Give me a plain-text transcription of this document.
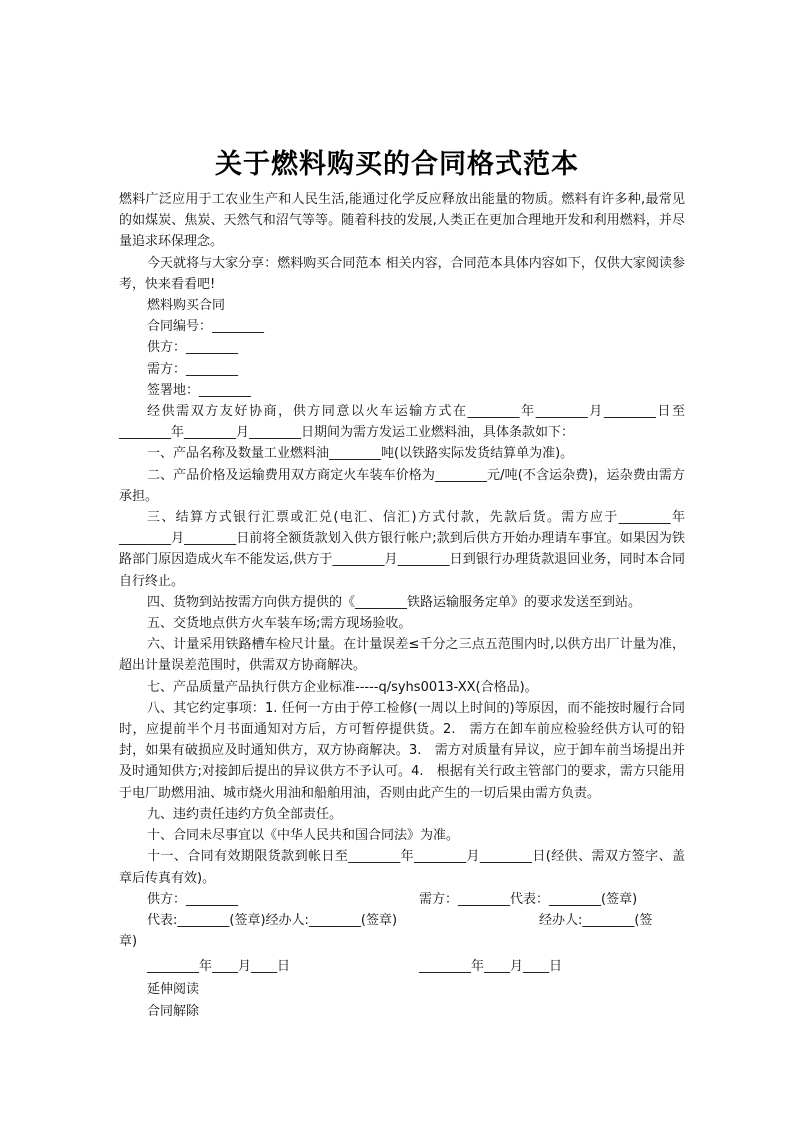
关于燃料购买的合同格式范本

燃料广泛应用于工农业生产和人民生活,能通过化学反应释放出能量的物质。燃料有许多种,最常见的如煤炭、焦炭、天然气和沼气等等。随着科技的发展,人类正在更加合理地开发和利用燃料，并尽量追求环保理念。

今天就将与大家分享：燃料购买合同范本 相关内容，合同范本具体内容如下，仅供大家阅读参考，快来看看吧!

燃料购买合同

合同编号：________

供方：________

需方：________

签署地：________

经供需双方友好协商，供方同意以火车运输方式在________年________月________日至________年________月________日期间为需方发运工业燃料油，具体条款如下：

一、产品名称及数量工业燃料油________吨(以铁路实际发货结算单为准)。

二、产品价格及运输费用双方商定火车装车价格为________元/吨(不含运杂费)，运杂费由需方承担。

三、结算方式银行汇票或汇兑(电汇、信汇)方式付款，先款后货。需方应于________年________月________日前将全额货款划入供方银行帐户;款到后供方开始办理请车事宜。如果因为铁路部门原因造成火车不能发运,供方于________月________日到银行办理货款退回业务，同时本合同自行终止。

四、货物到站按需方向供方提供的《________铁路运输服务定单》的要求发送至到站。

五、交货地点供方火车装车场;需方现场验收。

六、计量采用铁路槽车检尺计量。在计量误差≤千分之三点五范围内时,以供方出厂计量为准，超出计量误差范围时，供需双方协商解决。

七、产品质量产品执行供方企业标准-----q/syhs0013-XX(合格品)。

八、其它约定事项：1. 任何一方由于停工检修(一周以上时间的)等原因，而不能按时履行合同时，应提前半个月书面通知对方后，方可暂停提供货。2.　需方在卸车前应检验经供方认可的铅封，如果有破损应及时通知供方，双方协商解决。3.　需方对质量有异议，应于卸车前当场提出并及时通知供方;对接卸后提出的异议供方不予认可。4.　根据有关行政主管部门的要求，需方只能用于电厂助燃用油、城市烧火用油和船舶用油，否则由此产生的一切后果由需方负责。

九、违约责任违约方负全部责任。

十、合同未尽事宜以《中华人民共和国合同法》为准。

十一、合同有效期限货款到帐日至________年________月________日(经供、需双方签字、盖章后传真有效)。

供方：________	需方：________代表：________(签章)
代表:________(签章)经办人:________(签章)	经办人:________(签
章)
________年____月____日	________年____月____日

延伸阅读

合同解除
